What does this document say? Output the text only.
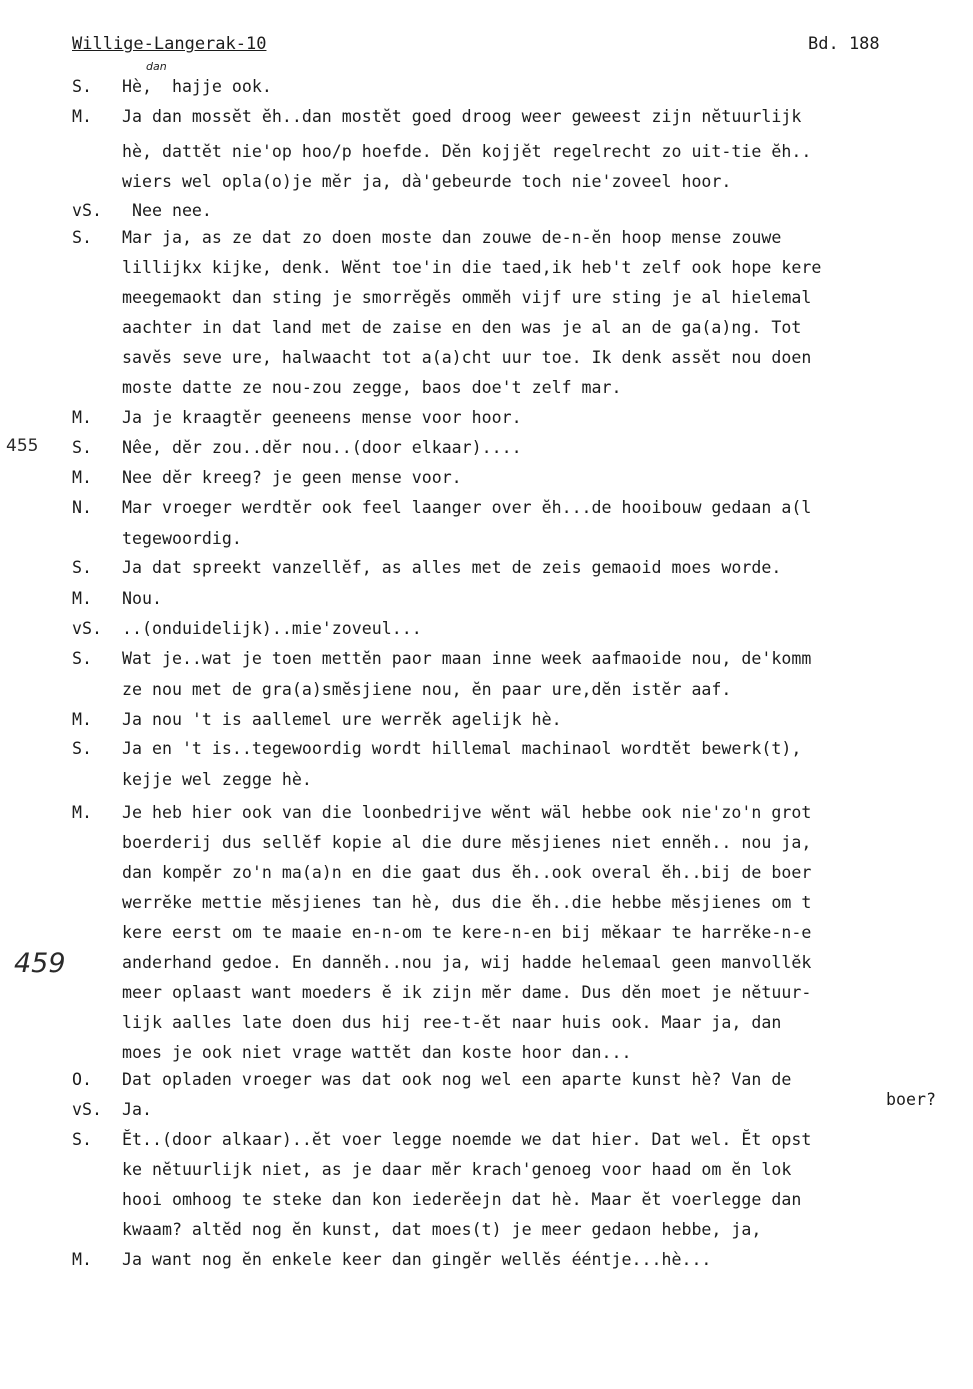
Willige-Langerak-10	Bd. 188
455
459
dan
boer?
S. Hè,  hajje ook.
M. Ja dan mossĕt ĕh..dan mostĕt goed droog weer geweest zijn nĕtuurlijk
hè, dattĕt nie'op hoo/p hoefde. Dĕn kojjĕt regelrecht zo uit-tie ĕh..
wiers wel opla(o)je mĕr ja, dà'gebeurde toch nie'zoveel hoor.
vS. Nee nee.
S. Mar ja, as ze dat zo doen moste dan zouwe de-n-ĕn hoop mense zouwe
lillijkx kijke, denk. Wĕnt toe'in die taed,ik heb't zelf ook hope kere
meegemaokt dan sting je smorrĕgĕs ommĕh vijf ure sting je al hielemal
aachter in dat land met de zaise en den was je al an de ga(a)ng. Tot
savĕs seve ure, halwaacht tot a(a)cht uur toe. Ik denk assĕt nou doen
moste datte ze nou-zou zegge, baos doe't zelf mar.
M. Ja je kraagtĕr geeneens mense voor hoor.
S. Nêe, dĕr zou..dĕr nou..(door elkaar)....
M. Nee dĕr kreeg? je geen mense voor.
N. Mar vroeger werdtĕr ook feel laanger over ĕh...de hooibouw gedaan a(l
tegewoordig.
S. Ja dat spreekt vanzellĕf, as alles met de zeis gemaoid moes worde.
M. Nou.
vS. ..(onduidelijk)..mie'zoveul...
S. Wat je..wat je toen mettĕn paor maan inne week aafmaoide nou, de'komm
ze nou met de gra(a)smĕsjiene nou, ĕn paar ure,dĕn istĕr aaf.
M. Ja nou 't is aallemel ure werrĕk agelijk hè.
S. Ja en 't is..tegewoordig wordt hillemal machinaol wordtĕt bewerk(t),
kejje wel zegge hè.
M. Je heb hier ook van die loonbedrijve wĕnt wäl hebbe ook nie'zo'n grot
boerderij dus sellĕf kopie al die dure mĕsjienes niet ennĕh.. nou ja,
dan kompĕr zo'n ma(a)n en die gaat dus ĕh..ook overal ĕh..bij de boer
werrĕke mettie mĕsjienes tan hè, dus die ĕh..die hebbe mĕsjienes om t
kere eerst om te maaie en-n-om te kere-n-en bij mĕkaar te harrĕke-n-e
anderhand gedoe. En dannĕh..nou ja, wij hadde helemaal geen manvollĕk
meer oplaast want moeders ĕ ik zijn mĕr dame. Dus dĕn moet je nĕtuur-
lijk aalles late doen dus hij ree-t-ĕt naar huis ook. Maar ja, dan
moes je ook niet vrage wattĕt dan koste hoor dan...
O. Dat opladen vroeger was dat ook nog wel een aparte kunst hè? Van de
vS. Ja.
S. Ĕt..(door alkaar)..ĕt voer legge noemde we dat hier. Dat wel. Ĕt opst
ke nĕtuurlijk niet, as je daar mĕr krach'genoeg voor haad om ĕn lok
hooi omhoog te steke dan kon iederĕejn dat hè. Maar ĕt voerlegge dan
kwaam? altĕd nog ĕn kunst, dat moes(t) je meer gedaon hebbe, ja,
M. Ja want nog ĕn enkele keer dan gingĕr wellĕs ééntje...hè...
